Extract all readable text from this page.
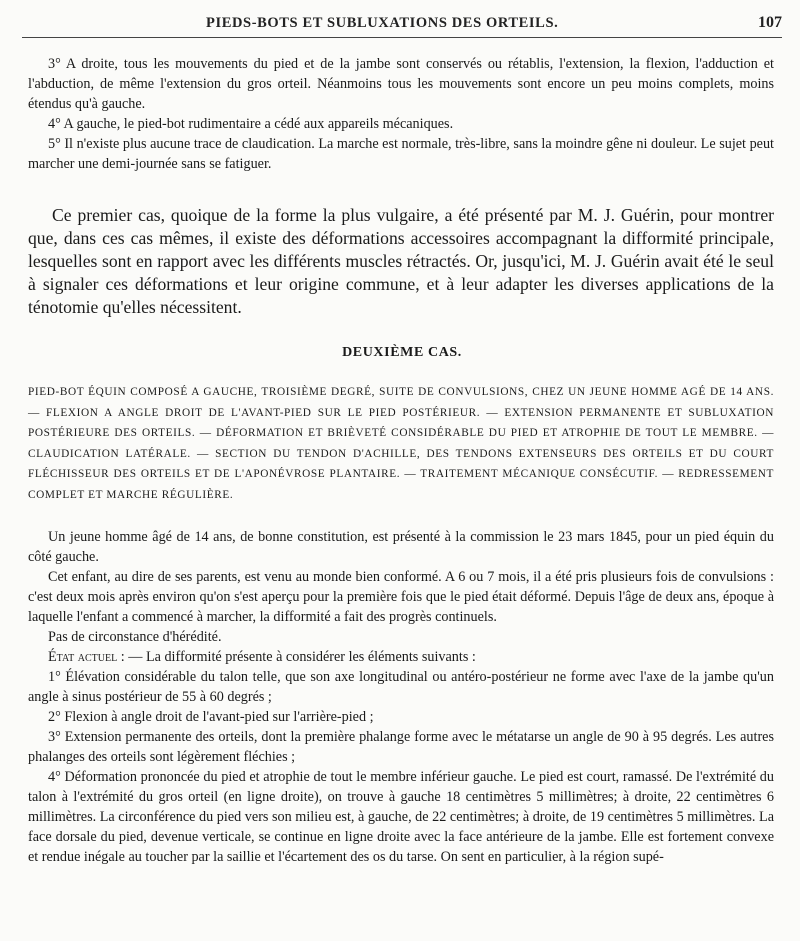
PIEDS-BOTS ET SUBLUXATIONS DES ORTEILS.	107

3° A droite, tous les mouvements du pied et de la jambe sont conservés ou rétablis, l'extension, la flexion, l'adduction et l'abduction, de même l'extension du gros orteil. Néanmoins tous les mouvements sont encore un peu moins complets, moins étendus qu'à gauche.

4° A gauche, le pied-bot rudimentaire a cédé aux appareils mécaniques.

5° Il n'existe plus aucune trace de claudication. La marche est normale, très-libre, sans la moindre gêne ni douleur. Le sujet peut marcher une demi-journée sans se fatiguer.

Ce premier cas, quoique de la forme la plus vulgaire, a été présenté par M. J. Guérin, pour montrer que, dans ces cas mêmes, il existe des déformations accessoires accompagnant la difformité principale, lesquelles sont en rapport avec les différents muscles rétractés. Or, jusqu'ici, M. J. Guérin avait été le seul à signaler ces déformations et leur origine commune, et à leur adapter les diverses applications de la ténotomie qu'elles nécessitent.

DEUXIÈME CAS.

PIED-BOT ÉQUIN COMPOSÉ A GAUCHE, TROISIÈME DEGRÉ, SUITE DE CONVULSIONS, CHEZ UN JEUNE HOMME AGÉ DE 14 ANS. — FLEXION A ANGLE DROIT DE L'AVANT-PIED SUR LE PIED POSTÉRIEUR. — EXTENSION PERMANENTE ET SUBLUXATION POSTÉRIEURE DES ORTEILS. — DÉFORMATION ET BRIÈVETÉ CONSIDÉRABLE DU PIED ET ATROPHIE DE TOUT LE MEMBRE. — CLAUDICATION LATÉRALE. — SECTION DU TENDON D'ACHILLE, DES TENDONS EXTENSEURS DES ORTEILS ET DU COURT FLÉCHISSEUR DES ORTEILS ET DE L'APONÉVROSE PLANTAIRE. — TRAITEMENT MÉCANIQUE CONSÉCUTIF. — REDRESSEMENT COMPLET ET MARCHE RÉGULIÈRE.

Un jeune homme âgé de 14 ans, de bonne constitution, est présenté à la commission le 23 mars 1845, pour un pied équin du côté gauche.

Cet enfant, au dire de ses parents, est venu au monde bien conformé. A 6 ou 7 mois, il a été pris plusieurs fois de convulsions : c'est deux mois après environ qu'on s'est aperçu pour la première fois que le pied était déformé. Depuis l'âge de deux ans, époque à laquelle l'enfant a commencé à marcher, la difformité a fait des progrès continuels.

Pas de circonstance d'hérédité.

État actuel : — La difformité présente à considérer les éléments suivants :

1° Élévation considérable du talon telle, que son axe longitudinal ou antéro-postérieur ne forme avec l'axe de la jambe qu'un angle à sinus postérieur de 55 à 60 degrés ;

2° Flexion à angle droit de l'avant-pied sur l'arrière-pied ;

3° Extension permanente des orteils, dont la première phalange forme avec le métatarse un angle de 90 à 95 degrés. Les autres phalanges des orteils sont légèrement fléchies ;

4° Déformation prononcée du pied et atrophie de tout le membre inférieur gauche. Le pied est court, ramassé. De l'extrémité du talon à l'extrémité du gros orteil (en ligne droite), on trouve à gauche 18 centimètres 5 millimètres; à droite, 22 centimètres 6 millimètres. La circonférence du pied vers son milieu est, à gauche, de 22 centimètres; à droite, de 19 centimètres 5 millimètres. La face dorsale du pied, devenue verticale, se continue en ligne droite avec la face antérieure de la jambe. Elle est fortement convexe et rendue inégale au toucher par la saillie et l'écartement des os du tarse. On sent en particulier, à la région supé-
